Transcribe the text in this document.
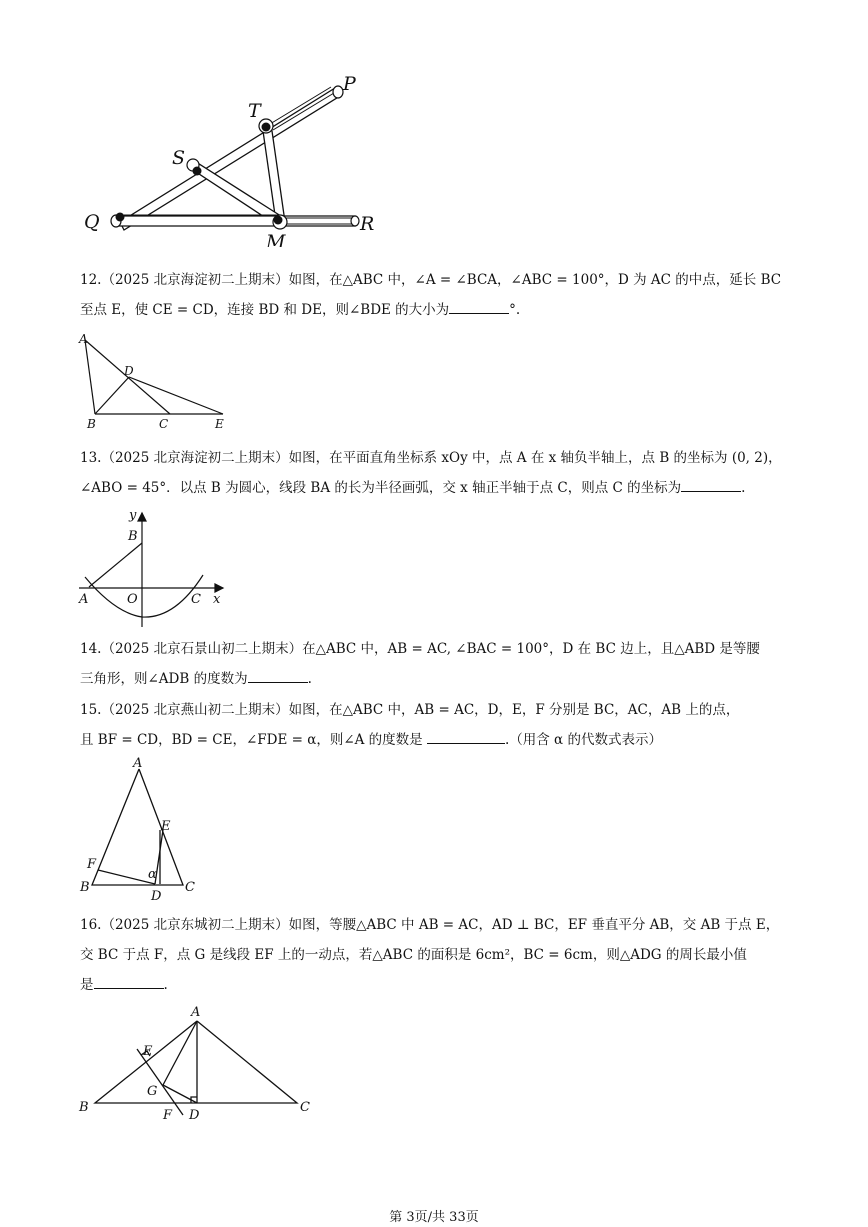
P
T
S
Q
M
R

12.（2025 北京海淀初二上期末）如图，在△ABC 中，∠A = ∠BCA，∠ABC = 100°，D 为 AC 的中点，延长 BC

至点 E，使 CE = CD，连接 BD 和 DE，则∠BDE 的大小为	°.

A
D
B	C	E

13.（2025 北京海淀初二上期末）如图，在平面直角坐标系 xOy 中，点 A 在 x 轴负半轴上，点 B 的坐标为 (0, 2)，

∠ABO = 45°．以点 B 为圆心，线段 BA 的长为半径画弧，交 x 轴正半轴于点 C，则点 C 的坐标为	.

y
B
A	O	C x

14.（2025 北京石景山初二上期末）在△ABC 中，AB = AC, ∠BAC = 100°，D 在 BC 边上，且△ABD 是等腰

三角形，则∠ADB 的度数为	.

15.（2025 北京燕山初二上期末）如图，在△ABC 中，AB = AC，D，E，F 分别是 BC，AC，AB 上的点，

且 BF = CD，BD = CE，∠FDE = α，则∠A 的度数是	.（用含 α 的代数式表示）

A
E
F
α
B
D
C

16.（2025 北京东城初二上期末）如图，等腰△ABC 中 AB = AC，AD ⊥ BC，EF 垂直平分 AB，交 AB 于点 E，

交 BC 于点 F，点 G 是线段 EF 上的一动点，若△ABC 的面积是 6cm²，BC = 6cm，则△ADG 的周长最小值

是	.

A
E
G
B
F D
C
第 3页/共 33页
